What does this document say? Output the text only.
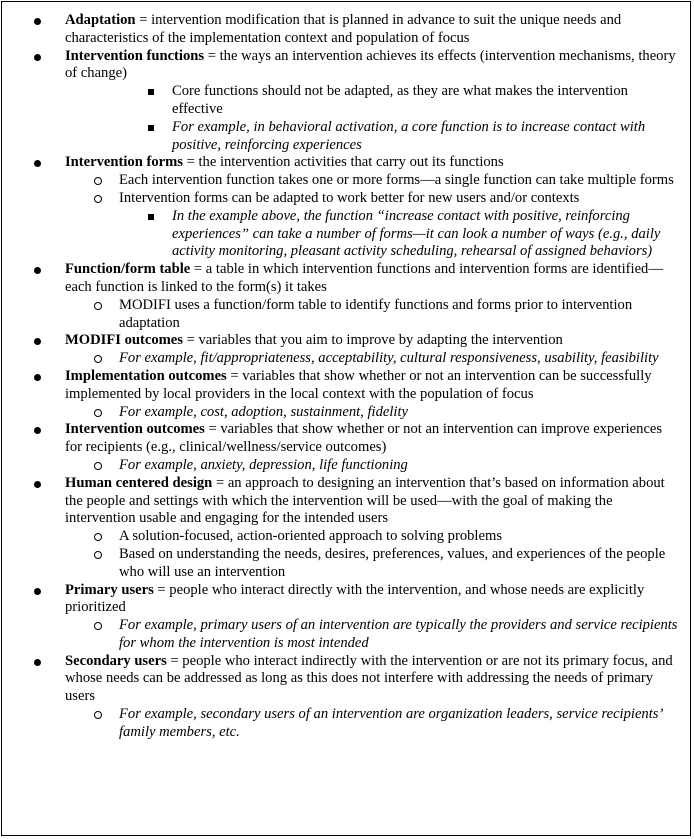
Adaptation = intervention modification that is planned in advance to suit the unique needs and characteristics of the implementation context and population of focus
Intervention functions = the ways an intervention achieves its effects (intervention mechanisms, theory of change)
Core functions should not be adapted, as they are what makes the intervention effective
For example, in behavioral activation, a core function is to increase contact with positive, reinforcing experiences
Intervention forms = the intervention activities that carry out its functions
Each intervention function takes one or more forms—a single function can take multiple forms
Intervention forms can be adapted to work better for new users and/or contexts
In the example above, the function “increase contact with positive, reinforcing experiences” can take a number of forms—it can look a number of ways (e.g., daily activity monitoring, pleasant activity scheduling, rehearsal of assigned behaviors)
Function/form table = a table in which intervention functions and intervention forms are identified—each function is linked to the form(s) it takes
MODIFI uses a function/form table to identify functions and forms prior to intervention adaptation
MODIFI outcomes = variables that you aim to improve by adapting the intervention
For example, fit/appropriateness, acceptability, cultural responsiveness, usability, feasibility
Implementation outcomes = variables that show whether or not an intervention can be successfully implemented by local providers in the local context with the population of focus
For example, cost, adoption, sustainment, fidelity
Intervention outcomes = variables that show whether or not an intervention can improve experiences for recipients (e.g., clinical/wellness/service outcomes)
For example, anxiety, depression, life functioning
Human centered design = an approach to designing an intervention that’s based on information about the people and settings with which the intervention will be used—with the goal of making the intervention usable and engaging for the intended users
A solution-focused, action-oriented approach to solving problems
Based on understanding the needs, desires, preferences, values, and experiences of the people who will use an intervention
Primary users = people who interact directly with the intervention, and whose needs are explicitly prioritized
For example, primary users of an intervention are typically the providers and service recipients for whom the intervention is most intended
Secondary users = people who interact indirectly with the intervention or are not its primary focus, and whose needs can be addressed as long as this does not interfere with addressing the needs of primary users
For example, secondary users of an intervention are organization leaders, service recipients’ family members, etc.
